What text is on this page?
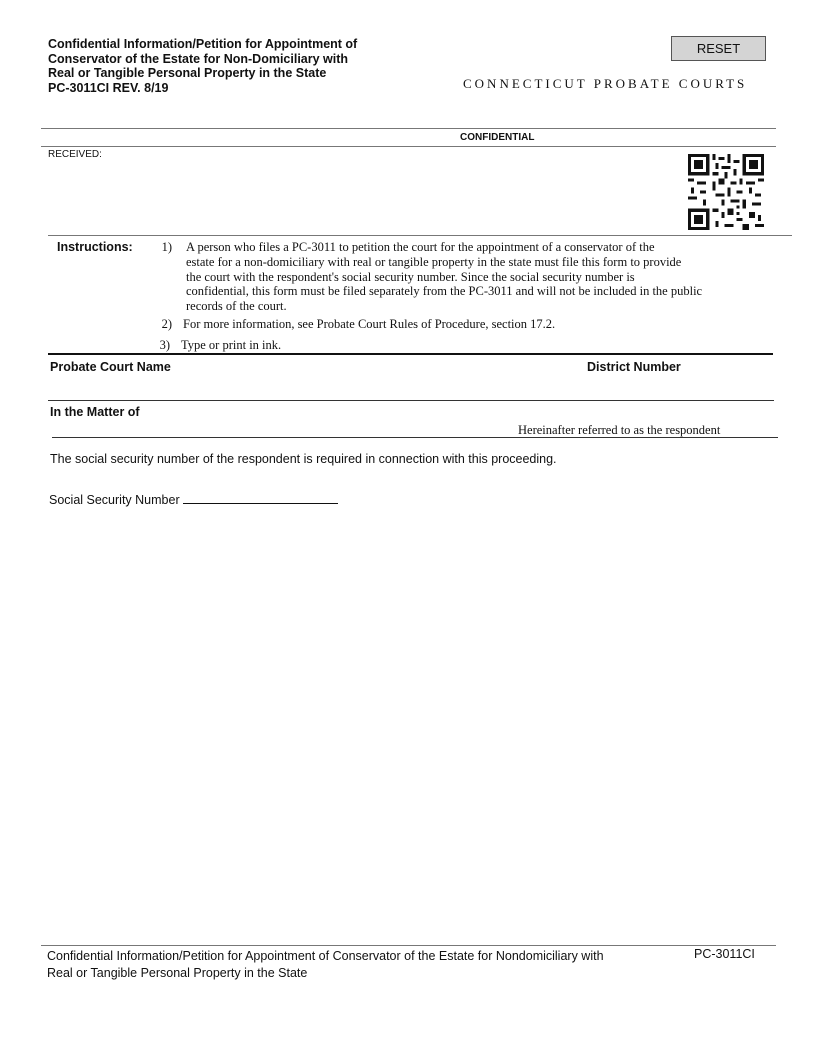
Confidential Information/Petition for Appointment of
Conservator of the Estate for Non-Domiciliary with
Real or Tangible Personal Property in the State
PC-3011CI REV. 8/19
RESET
CONNECTICUT PROBATE COURTS
CONFIDENTIAL
RECEIVED:
Instructions:	1) A person who files a PC-3011 to petition the court for the appointment of a conservator of the
estate for a non-domiciliary with real or tangible property in the state must file this form to provide
the court with the respondent's social security number. Since the social security number is
confidential, this form must be filed separately from the PC-3011 and will not be included in the public
records of the court.
2) For more information, see Probate Court Rules of Procedure, section 17.2.
3) Type or print in ink.
Probate Court Name	District Number
In the Matter of
Hereinafter referred to as the respondent
The social security number of the respondent is required in connection with this proceeding.
Social Security Number
Confidential Information/Petition for Appointment of Conservator of the Estate for Nondomiciliary with
Real or Tangible Personal Property in the State
PC-3011CI
